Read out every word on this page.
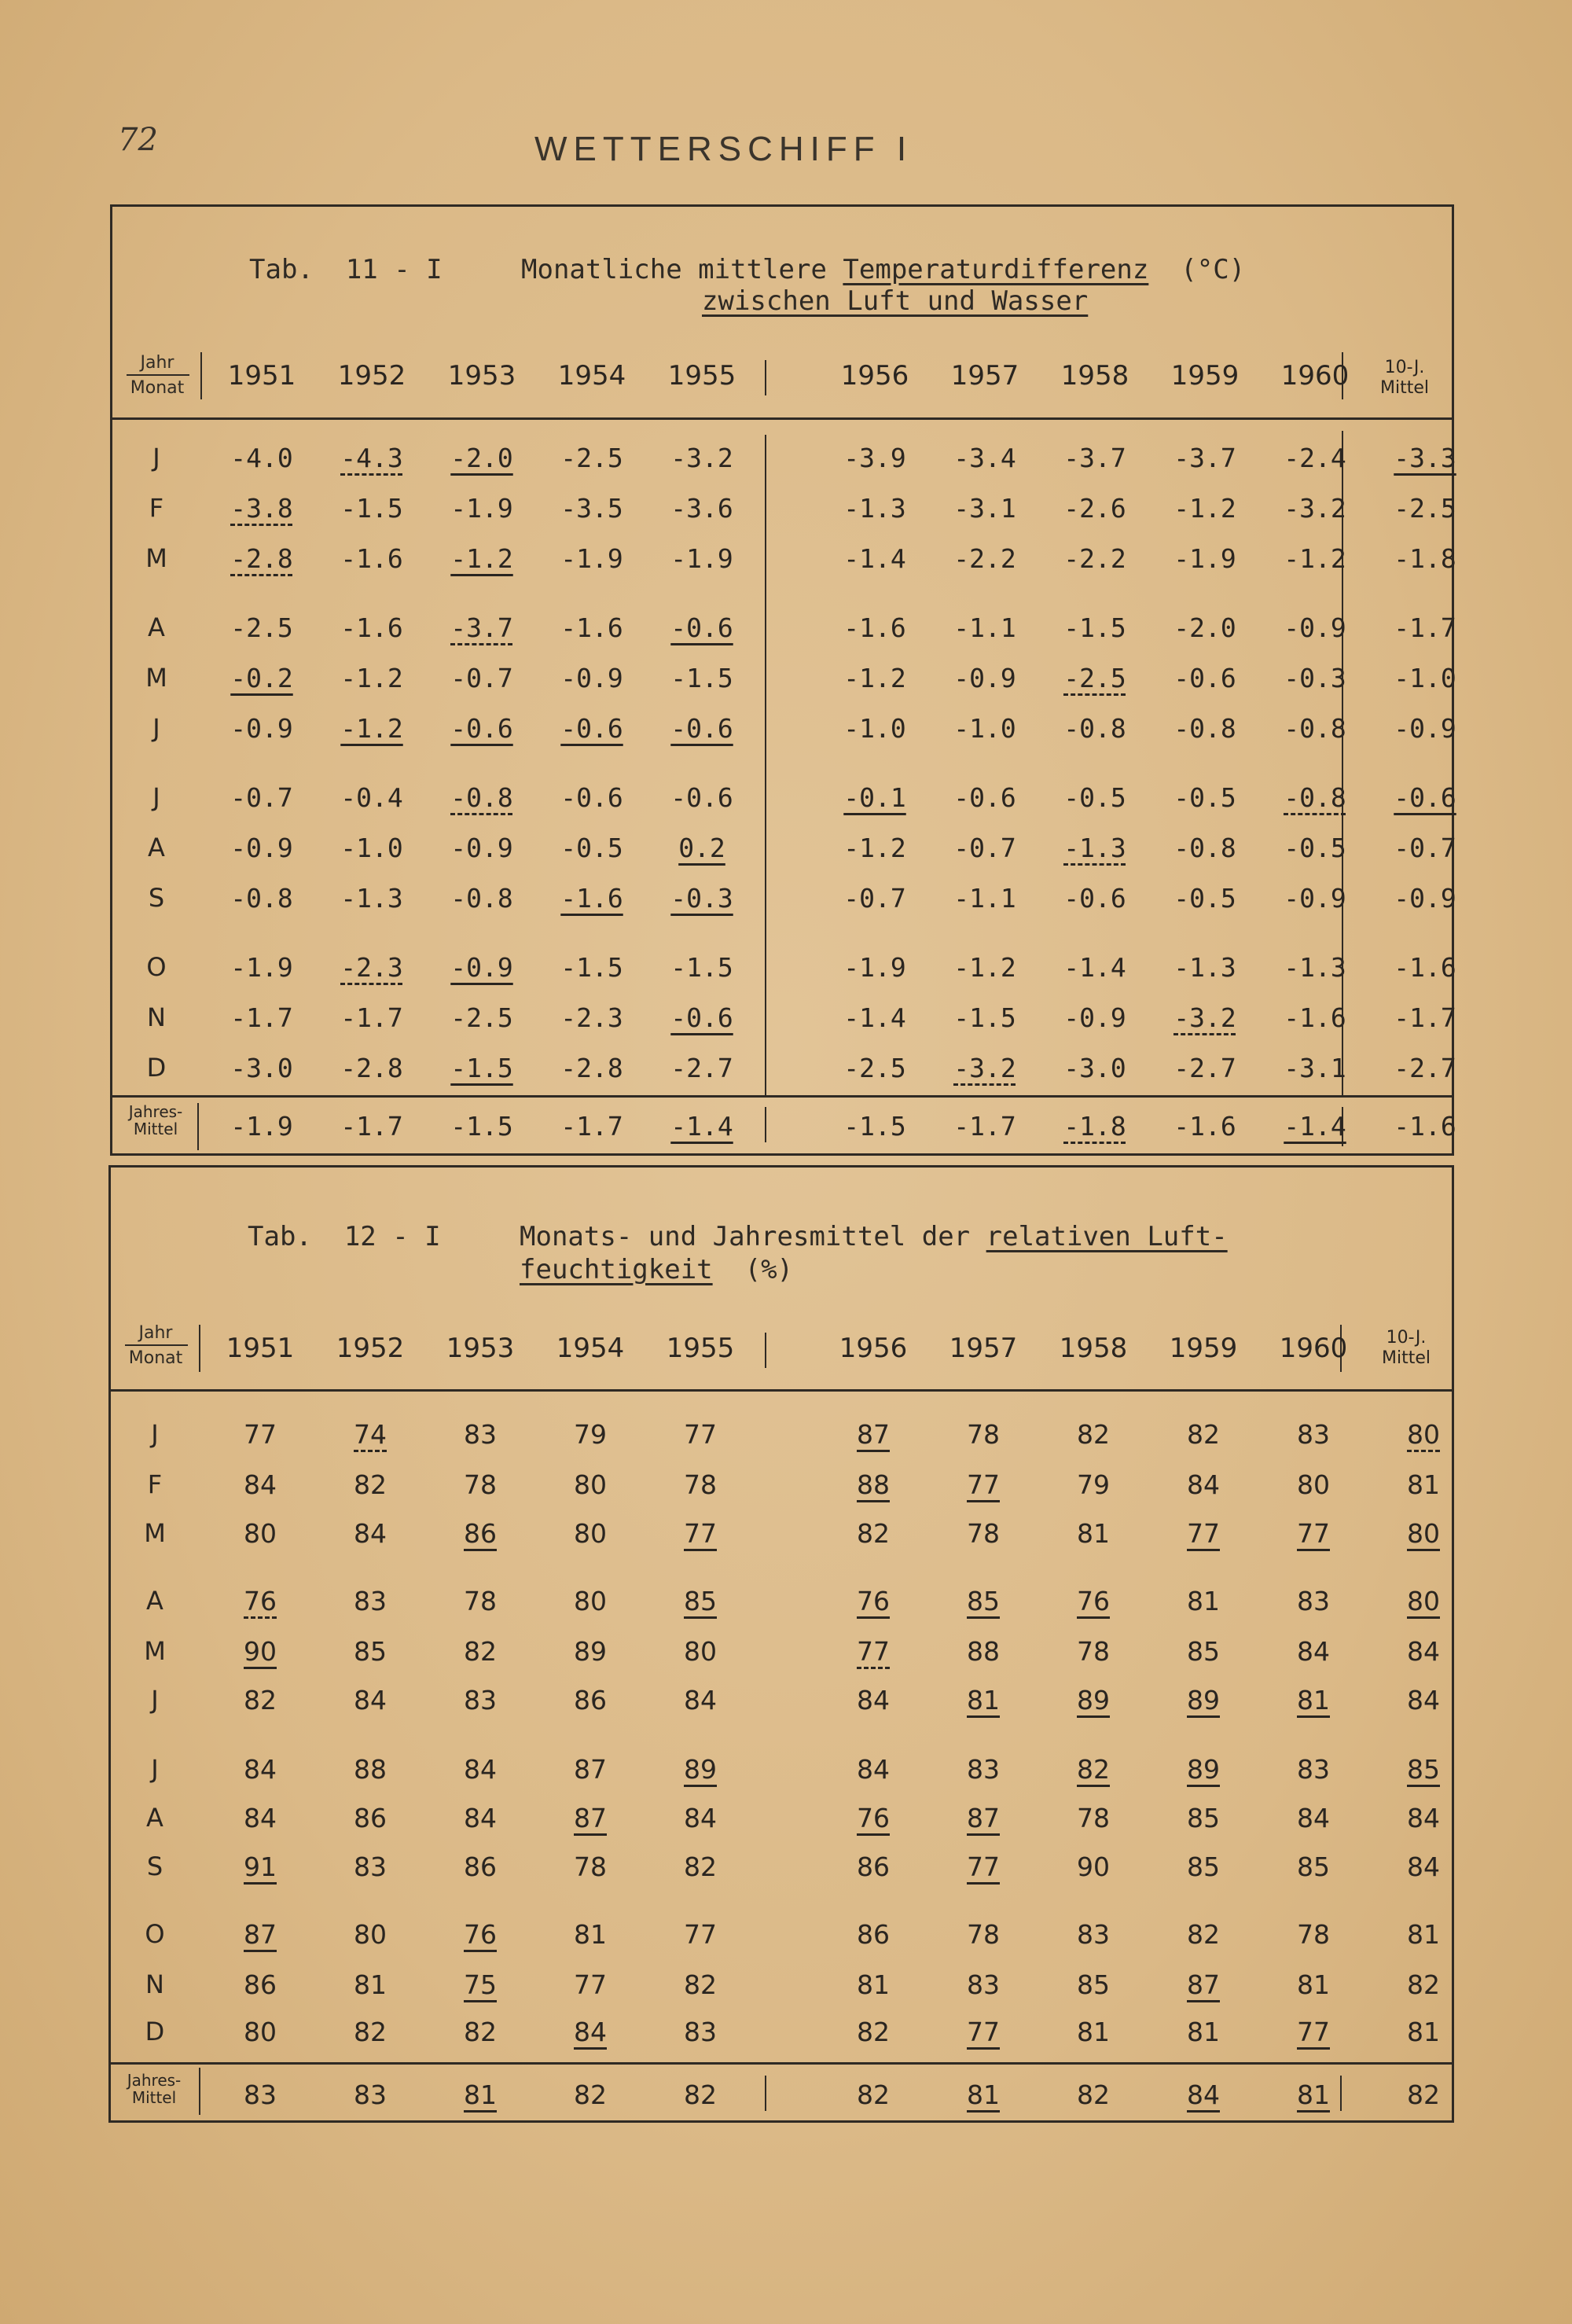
72	WETTERSCHIFF I
Tab.  11 - I	Monatliche mittlere Temperaturdifferenz (°C)
zwischen Luft und Wasser
Jahr
Monat
10-J.
Mittel
1951	1952	1953	1954	1955	1956	1957	1958	1959	1960
J	-4.0	-4.3	-2.0	-2.5	-3.2	-3.9	-3.4	-3.7	-3.7	-2.4	-3.3
F	-3.8	-1.5	-1.9	-3.5	-3.6	-1.3	-3.1	-2.6	-1.2	-3.2	-2.5
M	-2.8	-1.6	-1.2	-1.9	-1.9	-1.4	-2.2	-2.2	-1.9	-1.2	-1.8
A	-2.5	-1.6	-3.7	-1.6	-0.6	-1.6	-1.1	-1.5	-2.0	-0.9	-1.7
M	-0.2	-1.2	-0.7	-0.9	-1.5	-1.2	-0.9	-2.5	-0.6	-0.3	-1.0
J	-0.9	-1.2	-0.6	-0.6	-0.6	-1.0	-1.0	-0.8	-0.8	-0.8	-0.9
J	-0.7	-0.4	-0.8	-0.6	-0.6	-0.1	-0.6	-0.5	-0.5	-0.8	-0.6
A	-0.9	-1.0	-0.9	-0.5	0.2	-1.2	-0.7	-1.3	-0.8	-0.5	-0.7
S	-0.8	-1.3	-0.8	-1.6	-0.3	-0.7	-1.1	-0.6	-0.5	-0.9	-0.9
O	-1.9	-2.3	-0.9	-1.5	-1.5	-1.9	-1.2	-1.4	-1.3	-1.3	-1.6
N	-1.7	-1.7	-2.5	-2.3	-0.6	-1.4	-1.5	-0.9	-3.2	-1.6	-1.7
D	-3.0	-2.8	-1.5	-2.8	-2.7	-2.5	-3.2	-3.0	-2.7	-3.1	-2.7
Jahres-
Mittel	-1.9	-1.7	-1.5	-1.7	-1.4	-1.5	-1.7	-1.8	-1.6	-1.4	-1.6
Tab.  12 - I	Monats- und Jahresmittel der relativen Luft-
feuchtigkeit (%)
Jahr
Monat
10-J.
Mittel
1951	1952	1953	1954	1955	1956	1957	1958	1959	1960
J	77	74	83	79	77	87	78	82	82	83	80
F	84	82	78	80	78	88	77	79	84	80	81
M	80	84	86	80	77	82	78	81	77	77	80
A	76	83	78	80	85	76	85	76	81	83	80
M	90	85	82	89	80	77	88	78	85	84	84
J	82	84	83	86	84	84	81	89	89	81	84
J	84	88	84	87	89	84	83	82	89	83	85
A	84	86	84	87	84	76	87	78	85	84	84
S	91	83	86	78	82	86	77	90	85	85	84
O	87	80	76	81	77	86	78	83	82	78	81
N	86	81	75	77	82	81	83	85	87	81	82
D	80	82	82	84	83	82	77	81	81	77	81
Jahres-
Mittel	83	83	81	82	82	82	81	82	84	81	82
